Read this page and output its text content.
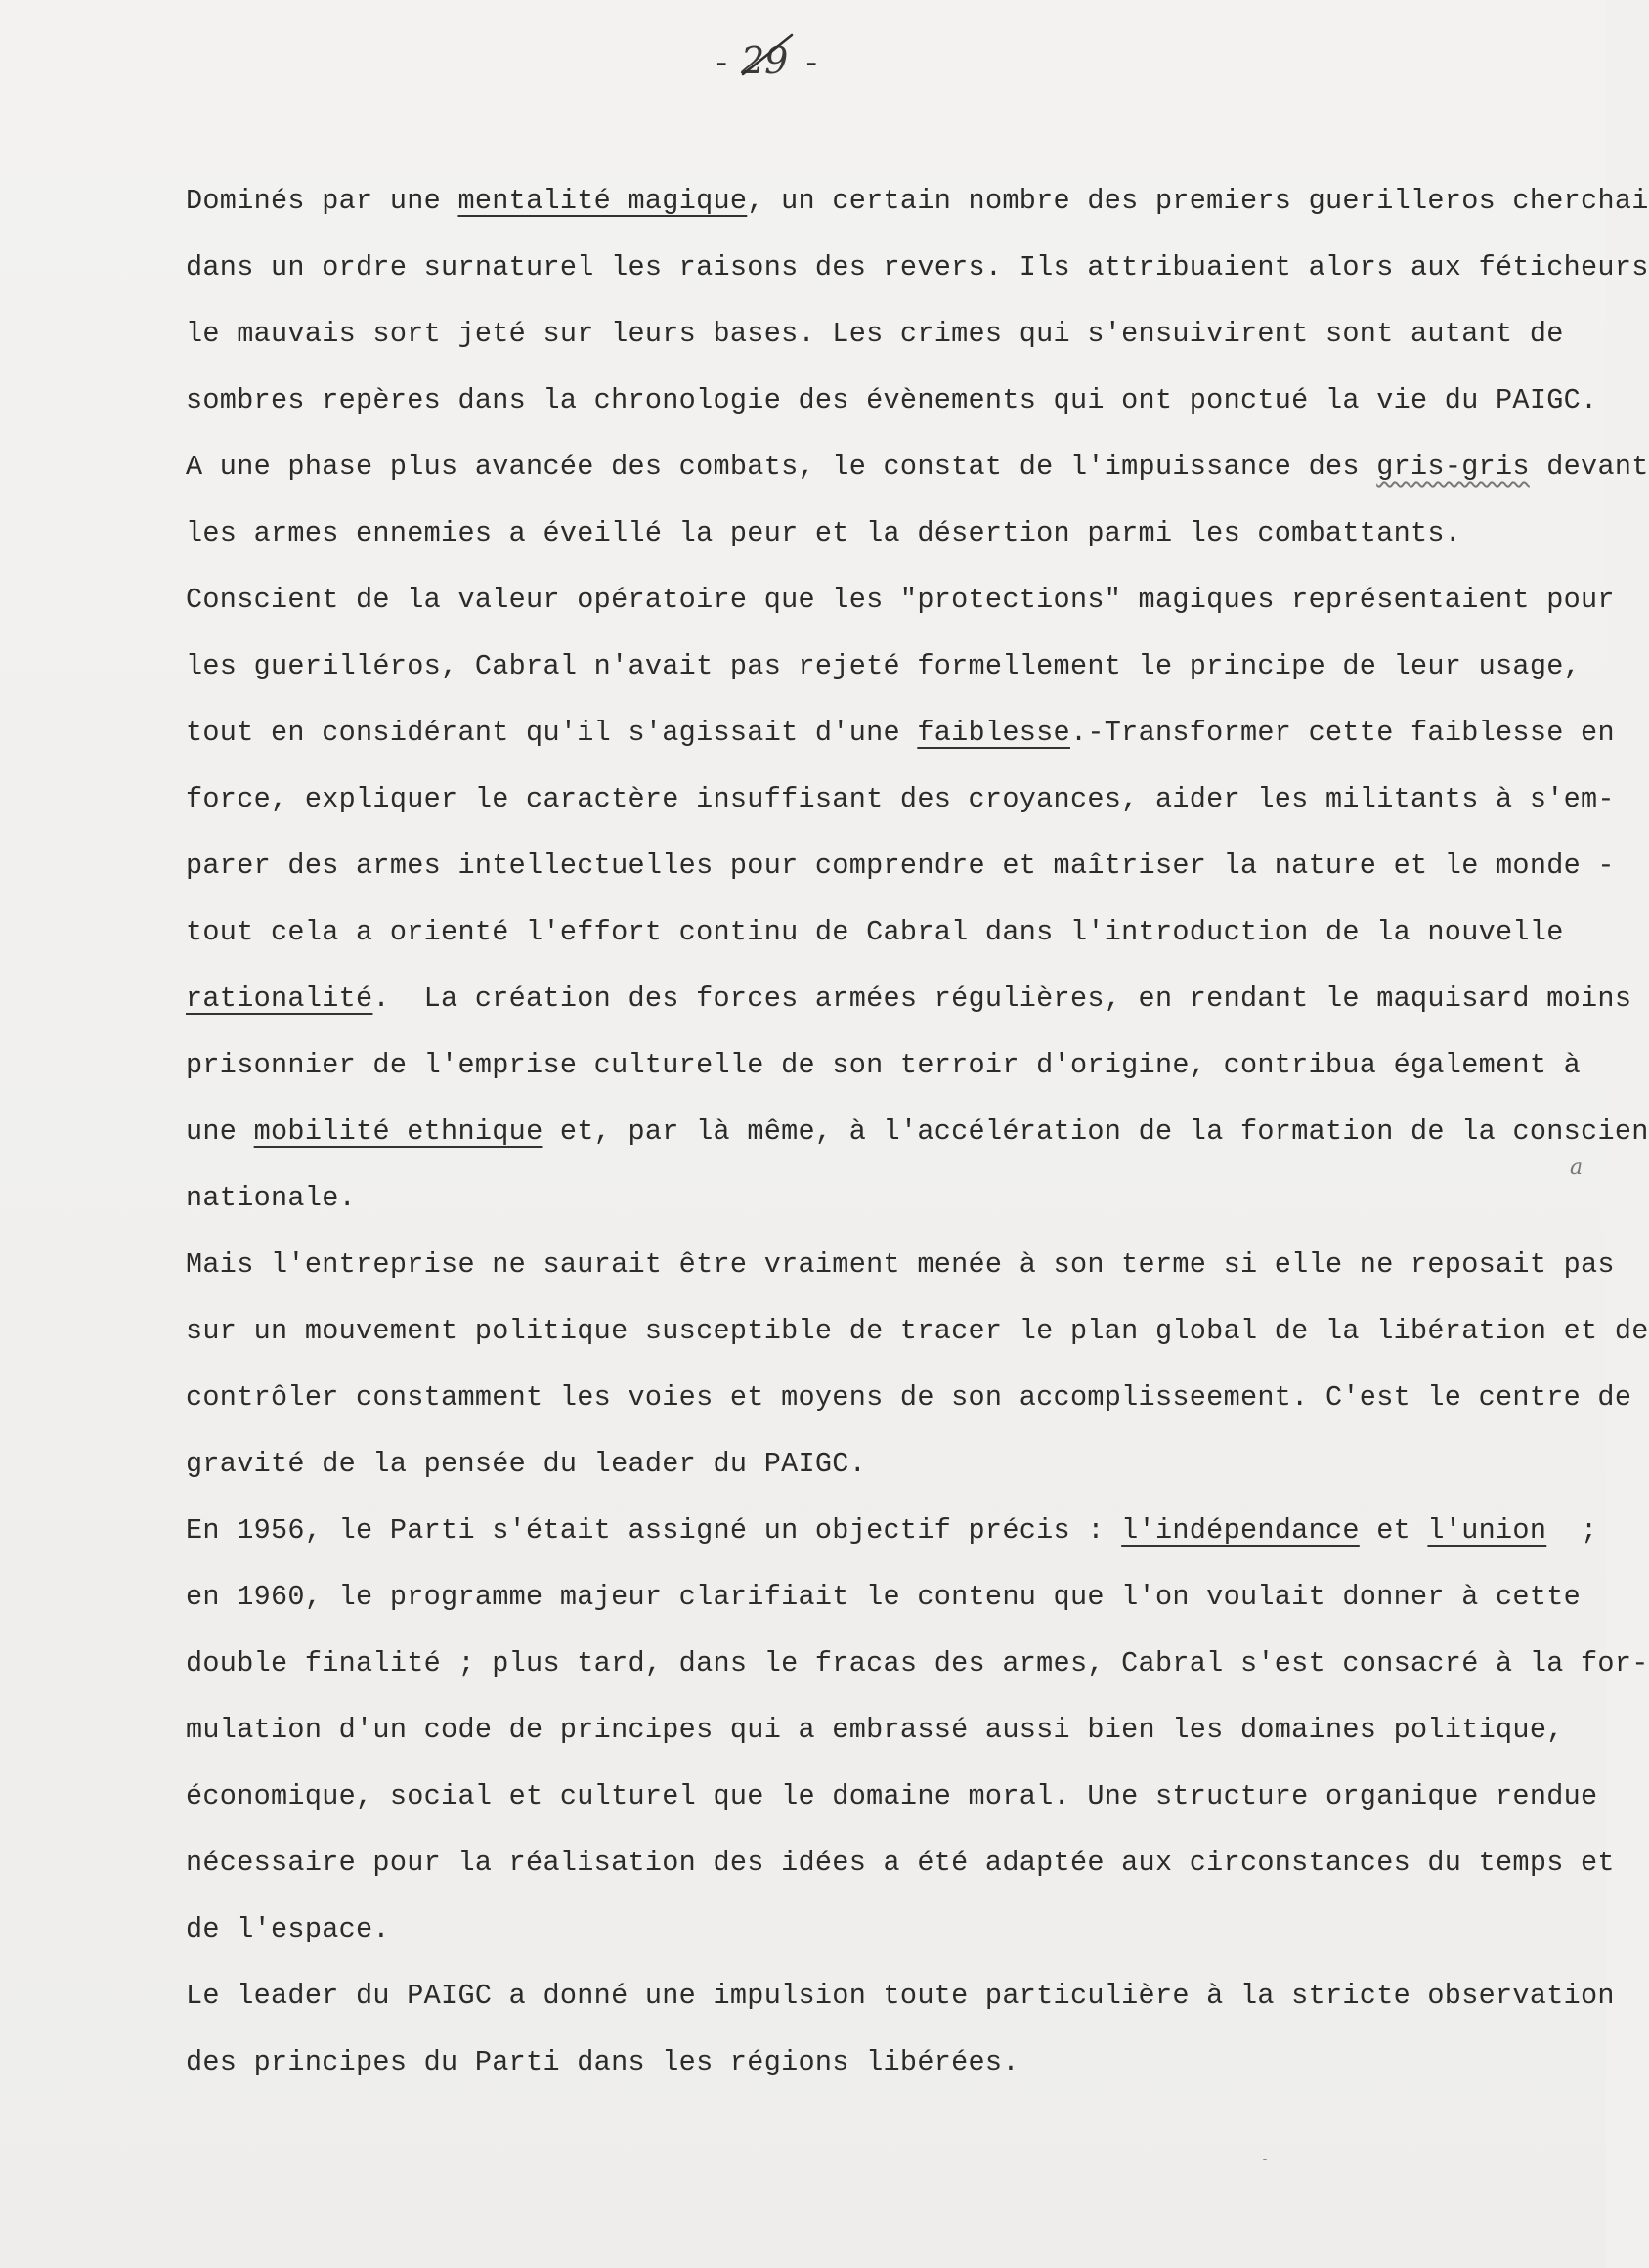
- 29 -
Dominés par une mentalité magique, un certain nombre des premiers guerilleros cherchai
dans un ordre surnaturel les raisons des revers. Ils attribuaient alors aux féticheurs
le mauvais sort jeté sur leurs bases. Les crimes qui s'ensuivirent sont autant de
sombres repères dans la chronologie des évènements qui ont ponctué la vie du PAIGC.
A une phase plus avancée des combats, le constat de l'impuissance des gris-gris devant
les armes ennemies a éveillé la peur et la désertion parmi les combattants.
Conscient de la valeur opératoire que les "protections" magiques représentaient pour
les guerilléros, Cabral n'avait pas rejeté formellement le principe de leur usage,
tout en considérant qu'il s'agissait d'une faiblesse.-Transformer cette faiblesse en
force, expliquer le caractère insuffisant des croyances, aider les militants à s'em-
parer des armes intellectuelles pour comprendre et maîtriser la nature et le monde -
tout cela a orienté l'effort continu de Cabral dans l'introduction de la nouvelle
rationalité.  La création des forces armées régulières, en rendant le maquisard moins
prisonnier de l'emprise culturelle de son terroir d'origine, contribua également à
une mobilité ethnique et, par là même, à l'accélération de la formation de la conscien
nationale.
Mais l'entreprise ne saurait être vraiment menée à son terme si elle ne reposait pas
sur un mouvement politique susceptible de tracer le plan global de la libération et de
contrôler constamment les voies et moyens de son accomplisseement. C'est le centre de
gravité de la pensée du leader du PAIGC.
En 1956, le Parti s'était assigné un objectif précis : l'indépendance et l'union  ;
en 1960, le programme majeur clarifiait le contenu que l'on voulait donner à cette
double finalité ; plus tard, dans le fracas des armes, Cabral s'est consacré à la for-
mulation d'un code de principes qui a embrassé aussi bien les domaines politique,
économique, social et culturel que le domaine moral. Une structure organique rendue
nécessaire pour la réalisation des idées a été adaptée aux circonstances du temps et
de l'espace.
Le leader du PAIGC a donné une impulsion toute particulière à la stricte observation
des principes du Parti dans les régions libérées.
a
